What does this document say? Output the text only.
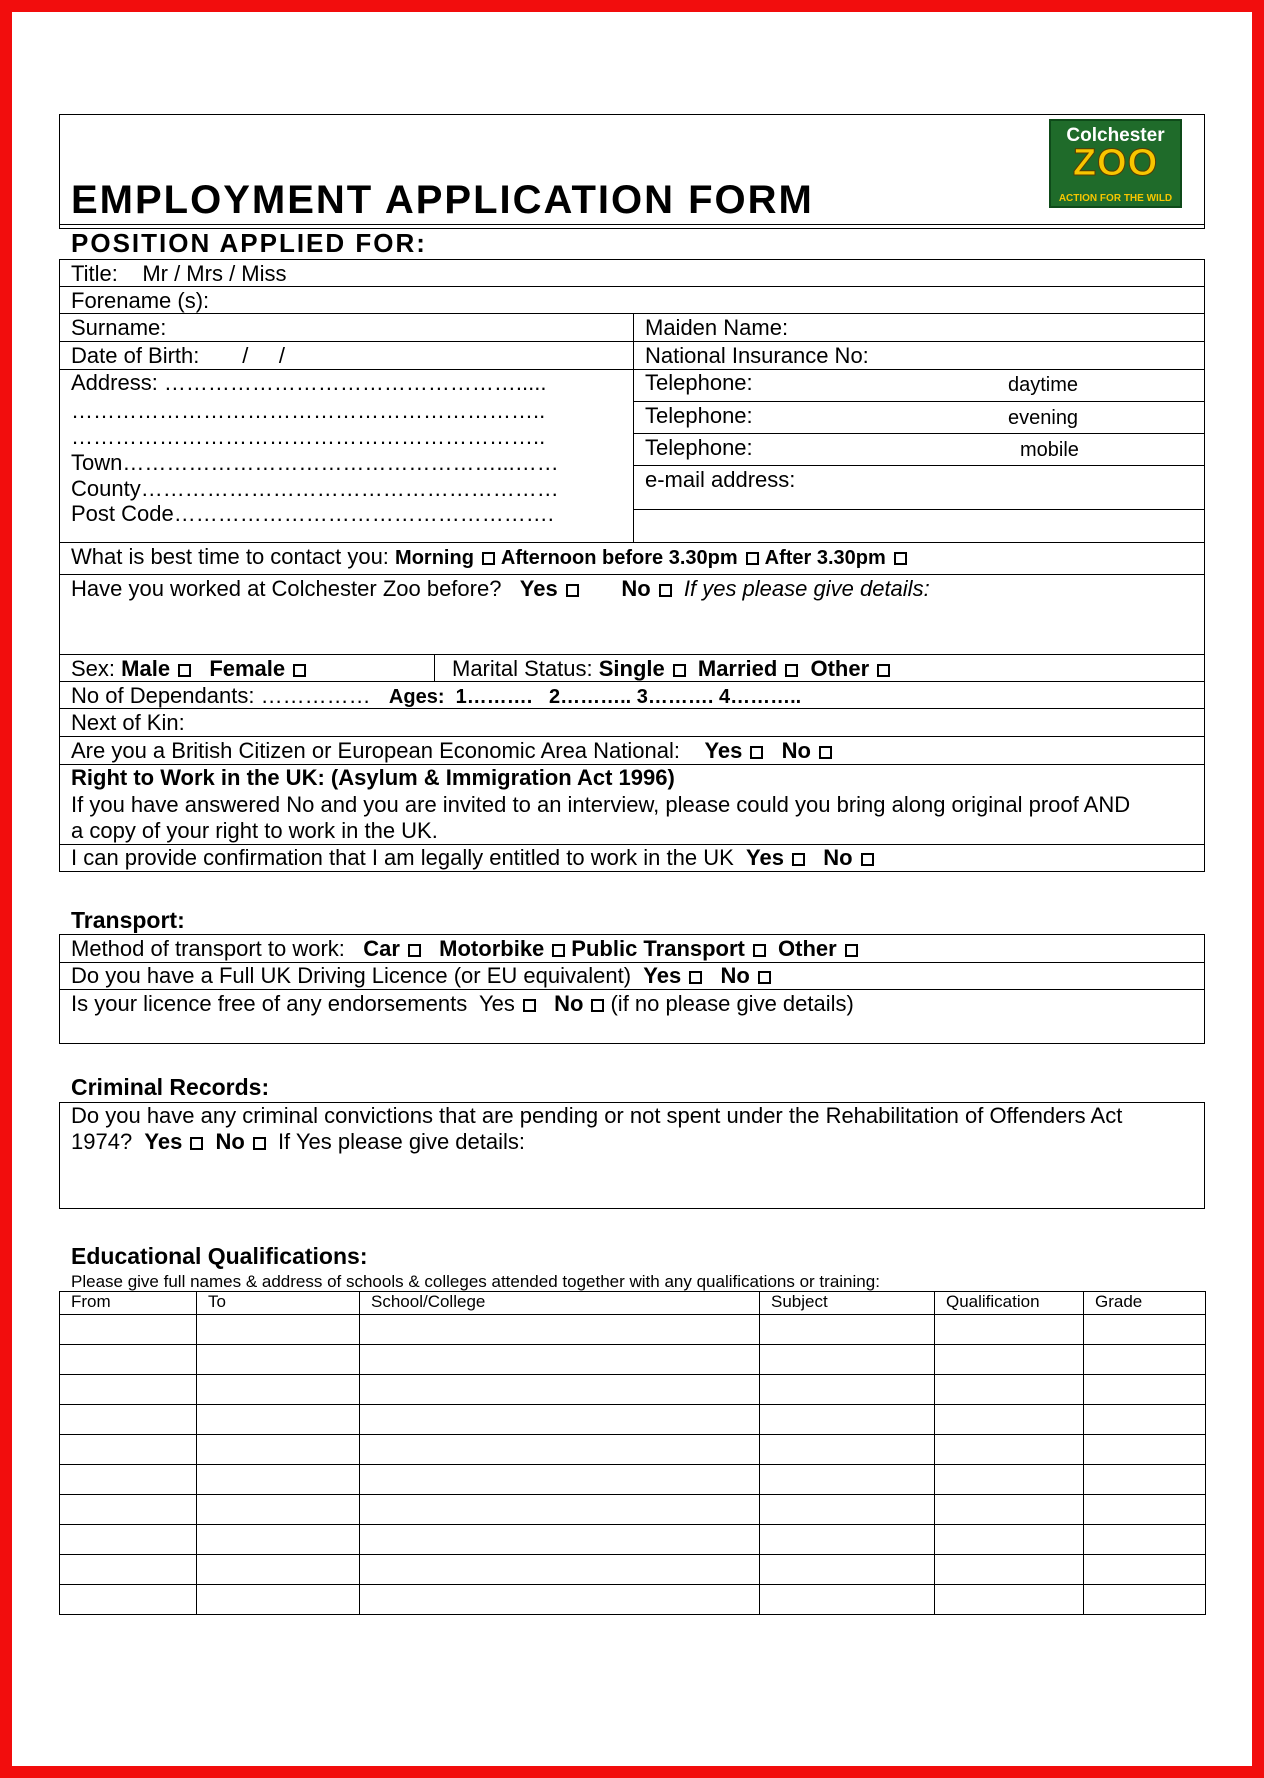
EMPLOYMENT APPLICATION FORM
Colchester
ZOO
ACTION FOR THE WILD
POSITION APPLIED FOR:
Title: Mr / Mrs / Miss
Forename (s):
Surname:	Maiden Name:
Date of Birth: /     /	National Insurance No:
Address: ………………………………………….....
………………………………………………………..
………………………………………………………..
Town……………………………………………...……
County…………………………………………………
Post Code…………………………………………….
Telephone:	daytime
Telephone:	evening
Telephone:	mobile
e-mail address:
What is best time to contact you: Morning Afternoon before 3.30pm After 3.30pm
Have you worked at Colchester Zoo before? Yes	No If yes please give details:
Sex: Male Female	Marital Status: Single Married Other
No of Dependants: …………… Ages:  1……….   2……….. 3………. 4………..
Next of Kin:
Are you a British Citizen or European Economic Area National: Yes No
Right to Work in the UK: (Asylum & Immigration Act 1996)
If you have answered No and you are invited to an interview, please could you bring along original proof AND
a copy of your right to work in the UK.
I can provide confirmation that I am legally entitled to work in the UK Yes No
Transport:
Method of transport to work: Car Motorbike Public Transport Other
Do you have a Full UK Driving Licence (or EU equivalent) Yes No
Is your licence free of any endorsements  Yes No (if no please give details)
Criminal Records:
Do you have any criminal convictions that are pending or not spent under the Rehabilitation of Offenders Act
1974? Yes No If Yes please give details:
Educational Qualifications:
Please give full names & address of schools & colleges attended together with any qualifications or training:
From	To	School/College	Subject	Qualification	Grade
